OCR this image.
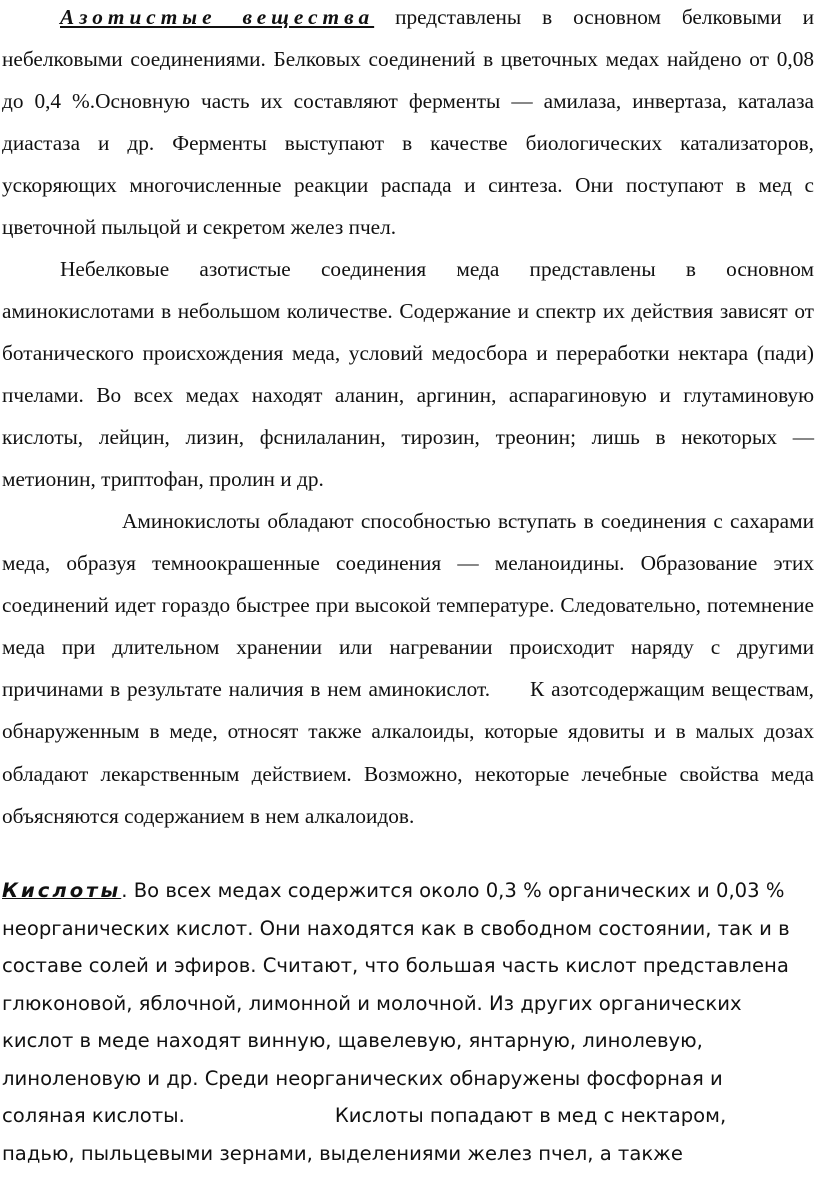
Азотистые вещества представлены в основном белковыми и небелковыми соединениями. Белковых соединений в цветочных медах найдено от 0,08 до 0,4 %.Основную часть их составляют ферменты — амилаза, инвертаза, каталаза диастаза и др. Ферменты выступают в качестве биологических катализаторов, ускоряющих многочисленные реакции распада и синтеза. Они поступают в мед с цветочной пыльцой и секретом желез пчел.

Небелковые азотистые соединения меда представлены в основном аминокислотами в небольшом количестве. Содержание и спектр их действия зависят от ботанического происхождения меда, условий медосбора и переработки нектара (пади) пчелами. Во всех медах находят аланин, аргинин, аспарагиновую и глутаминовую кислоты, лейцин, лизин, фснилаланин, тирозин, треонин; лишь в некоторых — метионин, триптофан, пролин и др.

Аминокислоты обладают способностью вступать в соединения с сахарами меда, образуя темноокрашенные соединения — меланоидины. Образование этих соединений идет гораздо быстрее при высокой температуре. Следовательно, потемнение меда при длительном хранении или нагревании происходит наряду с другими причинами в результате наличия в нем аминокислот. К азотсодержащим веществам, обнаруженным в меде, относят также алкалоиды, которые ядовиты и в малых дозах обладают лекарственным действием. Возможно, некоторые лечебные свойства меда объясняются содержанием в нем алкалоидов.

Кислоты. Во всех медах содержится около 0,3 % органических и 0,03 % неорганических кислот. Они находятся как в свободном состоянии, так и в составе солей и эфиров. Считают, что большая часть кислот представлена глюконовой, яблочной, лимонной и молочной. Из других органических кислот в меде находят винную, щавелевую, янтарную, линолевую, линоленовую и др. Среди неорганических обнаружены фосфорная и соляная кислоты.	Кислоты попадают в мед с нектаром, падью, пыльцевыми зернами, выделениями желез пчел, а также
